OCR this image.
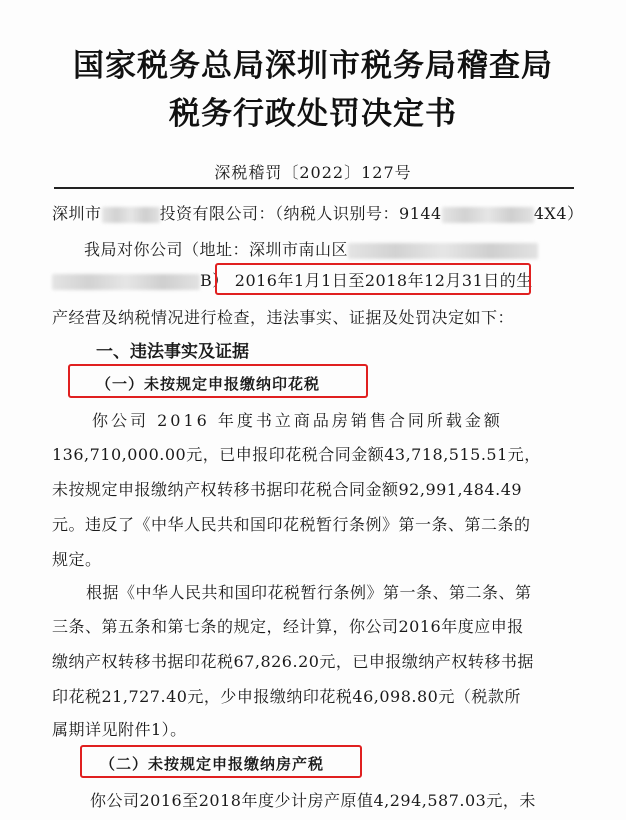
国家税务总局深圳市税务局稽查局
税务行政处罚决定书
深税稽罚〔2022〕127号
深圳市	投资有限公司：（纳税人识别号：9144	4X4）
我局对你公司（地址：深圳市南山区
B） 2016年1月1日至2018年12月31日的生
产经营及纳税情况进行检查，违法事实、证据及处罚决定如下：
一、违法事实及证据
（一）未按规定申报缴纳印花税
你公司 2016 年度书立商品房销售合同所载金额
136,710,000.00元，已申报印花税合同金额43,718,515.51元，
未按规定申报缴纳产权转移书据印花税合同金额92,991,484.49
元。违反了《中华人民共和国印花税暂行条例》第一条、第二条的
规定。
根据《中华人民共和国印花税暂行条例》第一条、第二条、第
三条、第五条和第七条的规定，经计算，你公司2016年度应申报
缴纳产权转移书据印花税67,826.20元，已申报缴纳产权转移书据
印花税21,727.40元，少申报缴纳印花税46,098.80元（税款所
属期详见附件1）。
（二）未按规定申报缴纳房产税
你公司2016至2018年度少计房产原值4,294,587.03元，未
